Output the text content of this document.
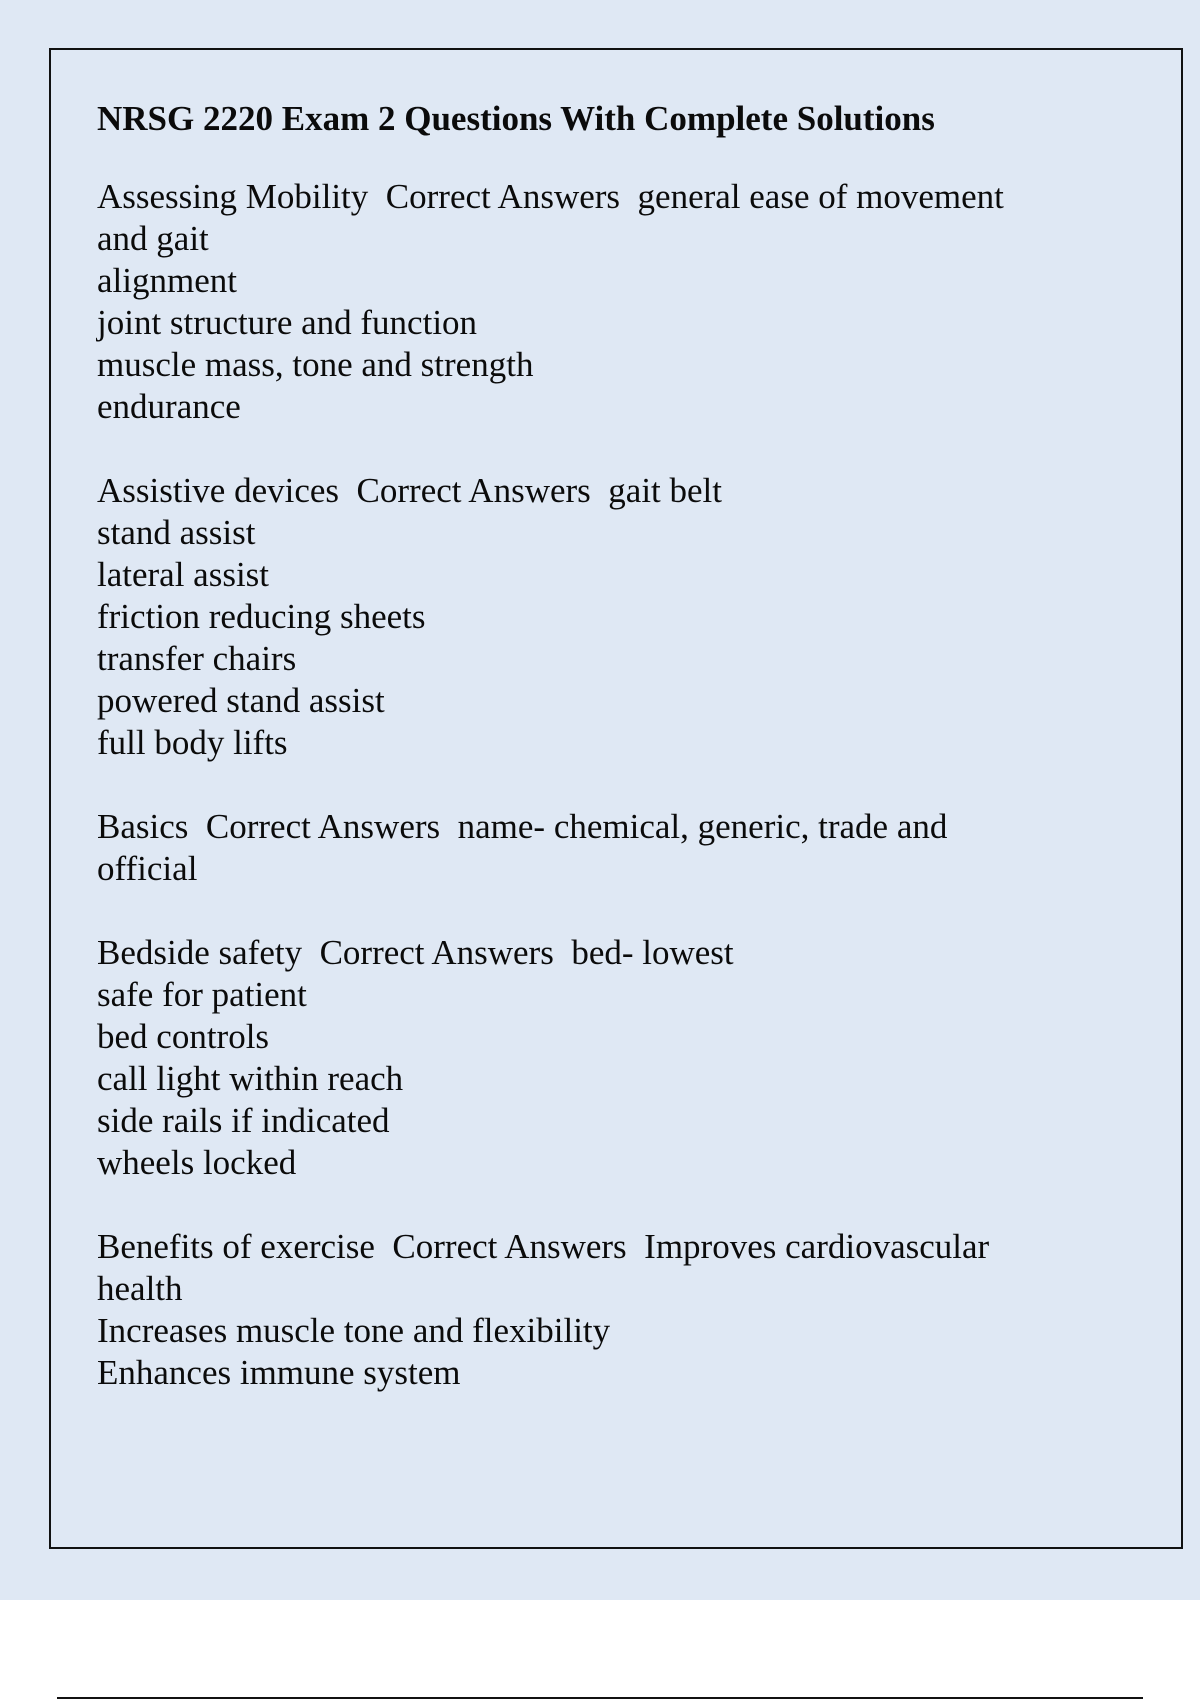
NRSG 2220 Exam 2 Questions With Complete Solutions
Assessing Mobility  Correct Answers  general ease of movement
and gait
alignment
joint structure and function
muscle mass, tone and strength
endurance
Assistive devices  Correct Answers  gait belt
stand assist
lateral assist
friction reducing sheets
transfer chairs
powered stand assist
full body lifts
Basics  Correct Answers  name- chemical, generic, trade and
official
Bedside safety  Correct Answers  bed- lowest
safe for patient
bed controls
call light within reach
side rails if indicated
wheels locked
Benefits of exercise  Correct Answers  Improves cardiovascular
health
Increases muscle tone and flexibility
Enhances immune system
